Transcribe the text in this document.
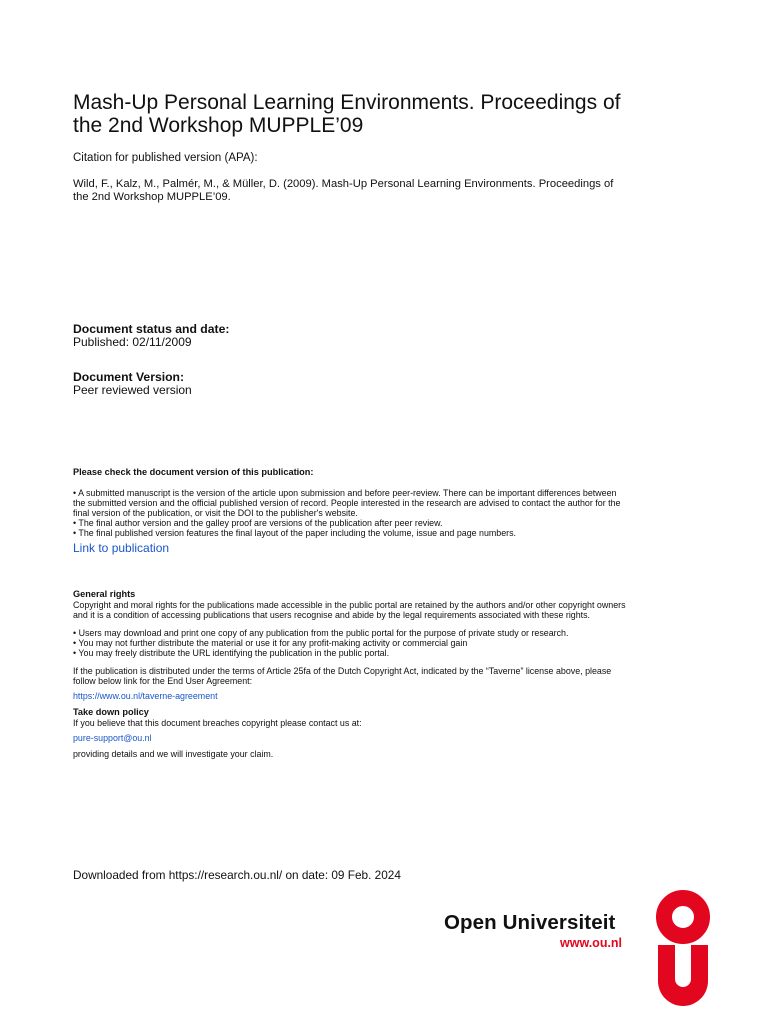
Mash-Up Personal Learning Environments. Proceedings of
the 2nd Workshop MUPPLE’09
Citation for published version (APA):
Wild, F., Kalz, M., Palmér, M., & Müller, D. (2009). Mash-Up Personal Learning Environments. Proceedings of
the 2nd Workshop MUPPLE’09.
Document status and date:
Published: 02/11/2009
Document Version:
Peer reviewed version
Please check the document version of this publication:
• A submitted manuscript is the version of the article upon submission and before peer-review. There can be important differences between
the submitted version and the official published version of record. People interested in the research are advised to contact the author for the
final version of the publication, or visit the DOI to the publisher's website.
• The final author version and the galley proof are versions of the publication after peer review.
• The final published version features the final layout of the paper including the volume, issue and page numbers.
Link to publication
General rights
Copyright and moral rights for the publications made accessible in the public portal are retained by the authors and/or other copyright owners
and it is a condition of accessing publications that users recognise and abide by the legal requirements associated with these rights.
• Users may download and print one copy of any publication from the public portal for the purpose of private study or research.
• You may not further distribute the material or use it for any profit-making activity or commercial gain
• You may freely distribute the URL identifying the publication in the public portal.
If the publication is distributed under the terms of Article 25fa of the Dutch Copyright Act, indicated by the “Taverne” license above, please
follow below link for the End User Agreement:
https://www.ou.nl/taverne-agreement
Take down policy
If you believe that this document breaches copyright please contact us at:
pure-support@ou.nl
providing details and we will investigate your claim.
Downloaded from https://research.ou.nl/ on date: 09 Feb. 2024
Open Universiteit
www.ou.nl
